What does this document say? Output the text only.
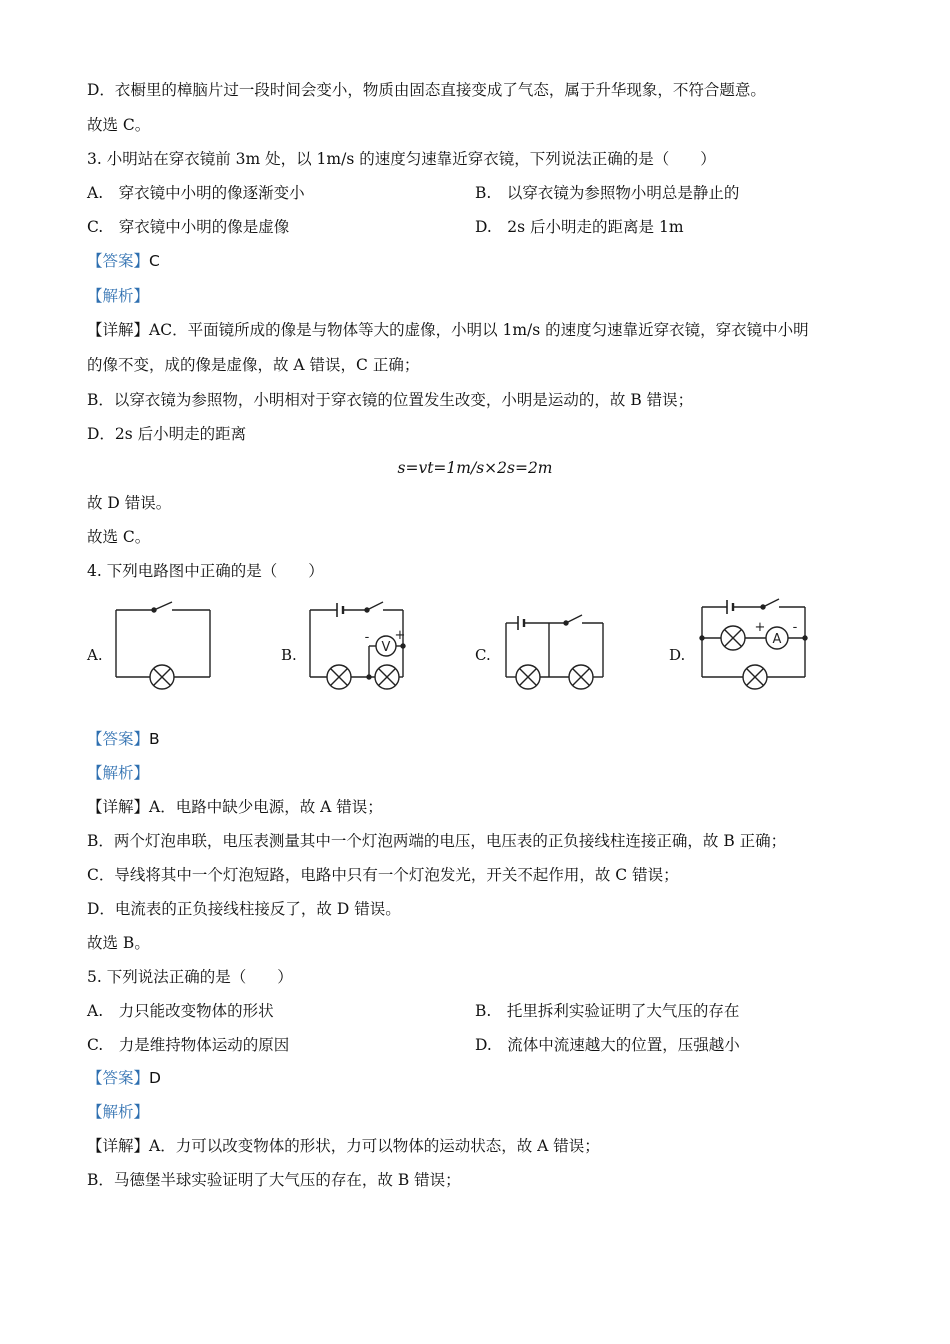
D．衣橱里的樟脑片过一段时间会变小，物质由固态直接变成了气态，属于升华现象，不符合题意。
故选 C。
3. 小明站在穿衣镜前 3m 处，以 1m/s 的速度匀速靠近穿衣镜，下列说法正确的是（　　）
A.　穿衣镜中小明的像逐渐变小	B.　以穿衣镜为参照物小明总是静止的
C.　穿衣镜中小明的像是虚像	D.　2s 后小明走的距离是 1m
【答案】C
【解析】
【详解】AC．平面镜所成的像是与物体等大的虚像，小明以 1m/s 的速度匀速靠近穿衣镜，穿衣镜中小明
的像不变，成的像是虚像，故 A 错误，C 正确；
B．以穿衣镜为参照物，小明相对于穿衣镜的位置发生改变，小明是运动的，故 B 错误；
D．2s 后小明走的距离
s=vt=1m/s×2s=2m
故 D 错误。
故选 C。
4. 下列电路图中正确的是（　　）
A.	B.	V
- +
C.	D.
A
+ -
【答案】B
【解析】
【详解】A．电路中缺少电源，故 A 错误；
B．两个灯泡串联，电压表测量其中一个灯泡两端的电压，电压表的正负接线柱连接正确，故 B 正确；
C．导线将其中一个灯泡短路，电路中只有一个灯泡发光，开关不起作用，故 C 错误；
D．电流表的正负接线柱接反了，故 D 错误。
故选 B。
5. 下列说法正确的是（　　）
A.　力只能改变物体的形状	B.　托里拆利实验证明了大气压的存在
C.　力是维持物体运动的原因	D.　流体中流速越大的位置，压强越小
【答案】D
【解析】
【详解】A．力可以改变物体的形状，力可以物体的运动状态，故 A 错误；
B．马德堡半球实验证明了大气压的存在，故 B 错误；
